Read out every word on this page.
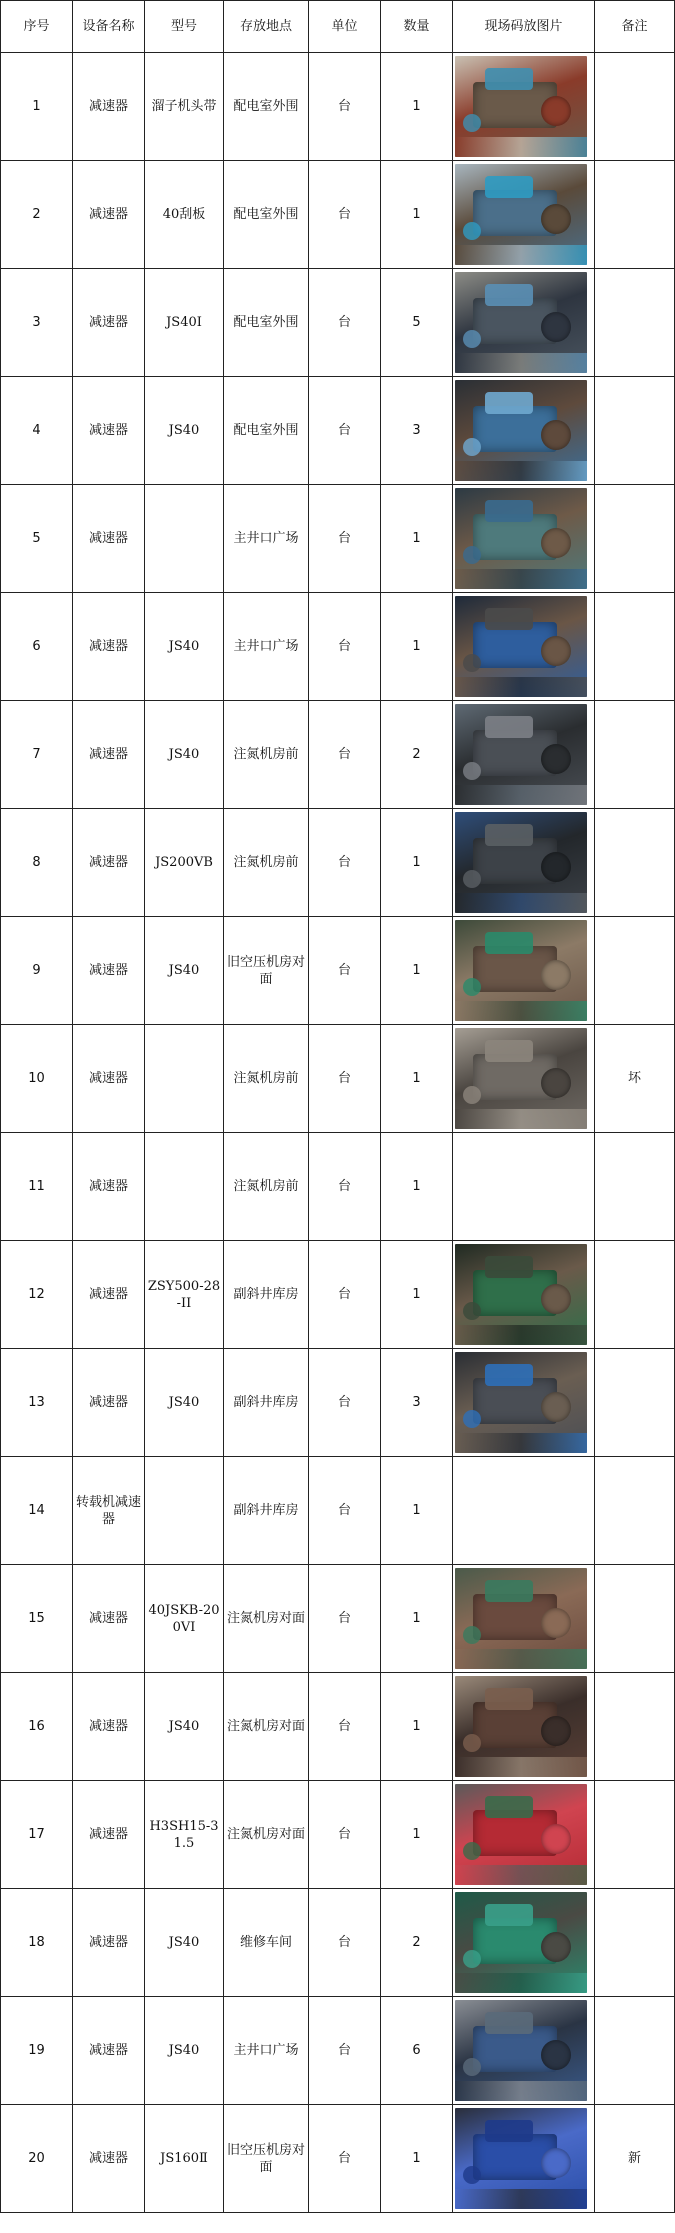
序号	设备名称	型号	存放地点	单位	数量	现场码放图片	备注
1	减速器	溜子机头带	配电室外围	台	1	

2	减速器	40刮板	配电室外围	台	1	

3	减速器	JS40I	配电室外围	台	5	

4	减速器	JS40	配电室外围	台	3	

5	减速器		主井口广场	台	1	

6	减速器	JS40	主井口广场	台	1	

7	减速器	JS40	注氮机房前	台	2	

8	减速器	JS200VB	注氮机房前	台	1	

9	减速器	JS40	旧空压机房对面	台	1	

10	减速器		注氮机房前	台	1		坏
11	减速器		注氮机房前	台	1		
12	减速器	ZSY500-28-II	副斜井库房	台	1	

13	减速器	JS40	副斜井库房	台	3	

14	转载机减速器		副斜井库房	台	1		
15	减速器	40JSKB-200VI	注氮机房对面	台	1	

16	减速器	JS40	注氮机房对面	台	1	

17	减速器	H3SH15-31.5	注氮机房对面	台	1	

18	减速器	JS40	维修车间	台	2	

19	减速器	JS40	主井口广场	台	6	

20	减速器	JS160Ⅱ	旧空压机房对面	台	1		新
